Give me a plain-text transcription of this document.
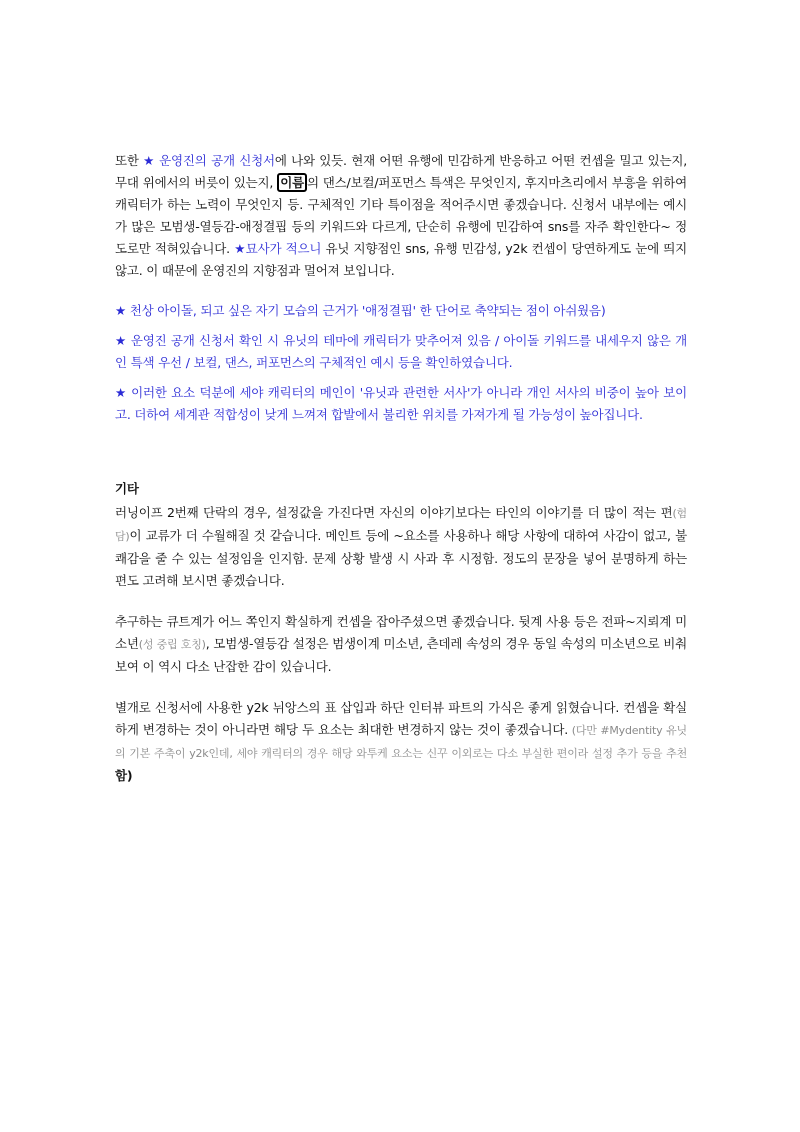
또한 ★ 운영진의 공개 신청서에 나와 있듯. 현재 어떤 유행에 민감하게 반응하고 어떤 컨셉을 밀고 있는지, 무대 위에서의 버릇이 있는지, 이름 의 댄스/보컬/퍼포먼스 특색은 무엇인지, 후지마츠리에서 부흥을 위하여 캐릭터가 하는 노력이 무엇인지 등. 구체적인 기타 특이점을 적어주시면 좋겠습니다. 신청서 내부에는 예시가 많은 모범생-열등감-애정결핍 등의 키워드와 다르게, 단순히 유행에 민감하여 sns를 자주 확인한다~ 정도로만 적혀있습니다. ★묘사가 적으니 유닛 지향점인 sns, 유행 민감성, y2k 컨셉이 당연하게도 눈에 띄지 않고. 이 때문에 운영진의 지향점과 멀어져 보입니다.

★ 천상 아이돌, 되고 싶은 자기 모습의 근거가 '애정결핍' 한 단어로 축약되는 점이 아쉬웠음)

★ 운영진 공개 신청서 확인 시 유닛의 테마에 캐릭터가 맞추어져 있음 / 아이돌 키워드를 내세우지 않은 개인 특색 우선 / 보컬, 댄스, 퍼포먼스의 구체적인 예시 등을 확인하였습니다.

★ 이러한 요소 덕분에 세야 캐릭터의 메인이 '유닛과 관련한 서사'가 아니라 개인 서사의 비중이 높아 보이고. 더하여 세계관 적합성이 낮게 느껴져 합발에서 불리한 위치를 가져가게 될 가능성이 높아집니다.

기타

러닝이프 2번째 단락의 경우, 설정값을 가진다면 자신의 이야기보다는 타인의 이야기를 더 많이 적는 편(험담)이 교류가 더 수월해질 것 같습니다. 메인트 등에 ~요소를 사용하나 해당 사항에 대하여 사감이 없고, 불쾌감을 줄 수 있는 설정임을 인지함. 문제 상황 발생 시 사과 후 시정함. 정도의 문장을 넣어 분명하게 하는 편도 고려해 보시면 좋겠습니다.

추구하는 큐트계가 어느 쪽인지 확실하게 컨셉을 잡아주셨으면 좋겠습니다. 뒷계 사용 등은 전파~지뢰계 미소년(성 중립 호칭), 모범생-열등감 설정은 범생이계 미소년, 츤데레 속성의 경우 동일 속성의 미소년으로 비춰 보여 이 역시 다소 난잡한 감이 있습니다.

별개로 신청서에 사용한 y2k 뉘앙스의 표 삽입과 하단 인터뷰 파트의 가식은 좋게 읽혔습니다. 컨셉을 확실하게 변경하는 것이 아니라면 해당 두 요소는 최대한 변경하지 않는 것이 좋겠습니다. (다만 #Mydentity 유닛의 기본 주축이 y2k인데, 세야 캐릭터의 경우 해당 와투케 요소는 신꾸 이외로는 다소 부실한 편이라 설정 추가 등을 추천함)
